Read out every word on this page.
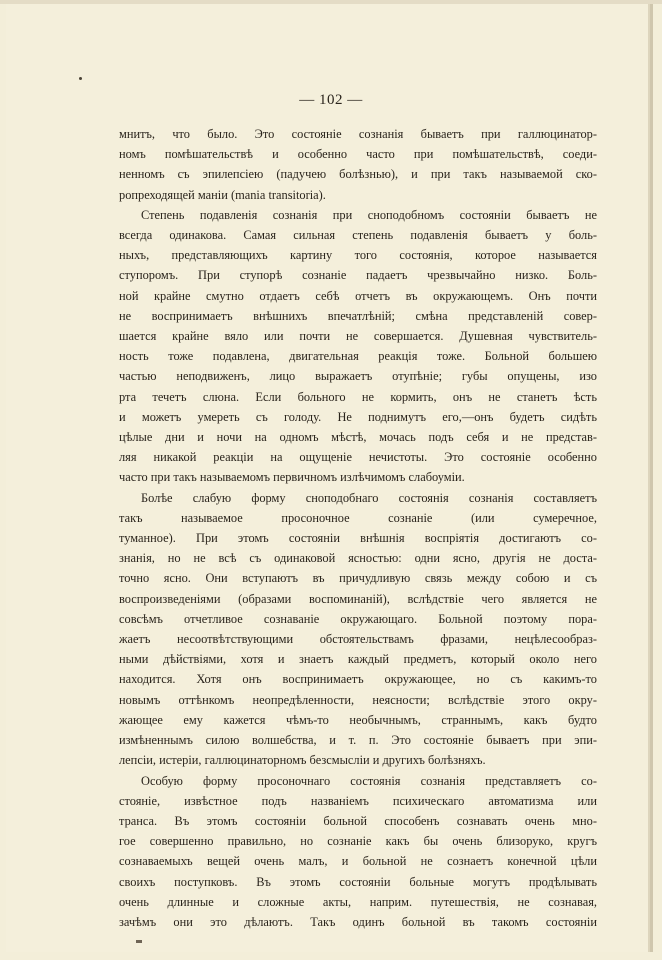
— 102 —

мнитъ, что было. Это состояніе сознанія бываетъ при галлюцинатор-
номъ помѣшательствѣ и особенно часто при помѣшательствѣ, соеди-
ненномъ съ эпилепсіею (падучею болѣзнью), и при такъ называемой ско-
ропреходящей маніи (mania transitoria).

Степень подавленія сознанія при сноподобномъ состояніи бываетъ не
всегда одинакова. Самая сильная степень подавленія бываетъ у боль-
ныхъ, представляющихъ картину того состоянія, которое называется
ступоромъ. При ступорѣ сознаніе падаетъ чрезвычайно низко. Боль-
ной крайне смутно отдаетъ себѣ отчетъ въ окружающемъ. Онъ почти
не воспринимаетъ внѣшнихъ впечатлѣній; смѣна представленій совер-
шается крайне вяло или почти не совершается. Душевная чувствитель-
ность тоже подавлена, двигательная реакція тоже. Больной большею
частью неподвиженъ, лицо выражаетъ отупѣніе; губы опущены, изо
рта течетъ слюна. Если больного не кормить, онъ не станетъ ѣсть
и можетъ умереть съ голоду. Не поднимутъ его,—онъ будетъ сидѣть
цѣлые дни и ночи на одномъ мѣстѣ, мочась подъ себя и не представ-
ляя никакой реакціи на ощущеніе нечистоты. Это состояніе особенно
часто при такъ называемомъ первичномъ излѣчимомъ слабоуміи.

Болѣе слабую форму сноподобнаго состоянія сознанія составляетъ
такъ называемое просоночное сознаніе (или сумеречное,
туманное). При этомъ состояніи внѣшнія воспріятія достигаютъ со-
знанія, но не всѣ съ одинаковой ясностью: одни ясно, другія не доста-
точно ясно. Они вступаютъ въ причудливую связь между собою и съ
воспроизведеніями (образами воспоминаній), вслѣдствіе чего является не
совсѣмъ отчетливое сознаваніе окружающаго. Больной поэтому пора-
жаетъ несоотвѣтствующими обстоятельствамъ фразами, нецѣлесообраз-
ными дѣйствіями, хотя и знаетъ каждый предметъ, который около него
находится. Хотя онъ воспринимаетъ окружающее, но съ какимъ-то
новымъ оттѣнкомъ неопредѣленности, неясности; вслѣдствіе этого окру-
жающее ему кажется чѣмъ-то необычнымъ, страннымъ, какъ будто
измѣненнымъ силою волшебства, и т. п. Это состояніе бываетъ при эпи-
лепсіи, истеріи, галлюцинаторномъ безсмысліи и другихъ болѣзняхъ.

Особую форму просоночнаго состоянія сознанія представляетъ со-
стояніе, извѣстное подъ названіемъ психическаго автоматизма или
транса. Въ этомъ состояніи больной способенъ сознавать очень мно-
гое совершенно правильно, но сознаніе какъ бы очень близоруко, кругъ
сознаваемыхъ вещей очень малъ, и больной не сознаетъ конечной цѣли
своихъ поступковъ. Въ этомъ состояніи больные могутъ продѣлывать
очень длинные и сложные акты, наприм. путешествія, не сознавая,
зачѣмъ они это дѣлаютъ. Такъ одинъ больной въ такомъ состояніи
